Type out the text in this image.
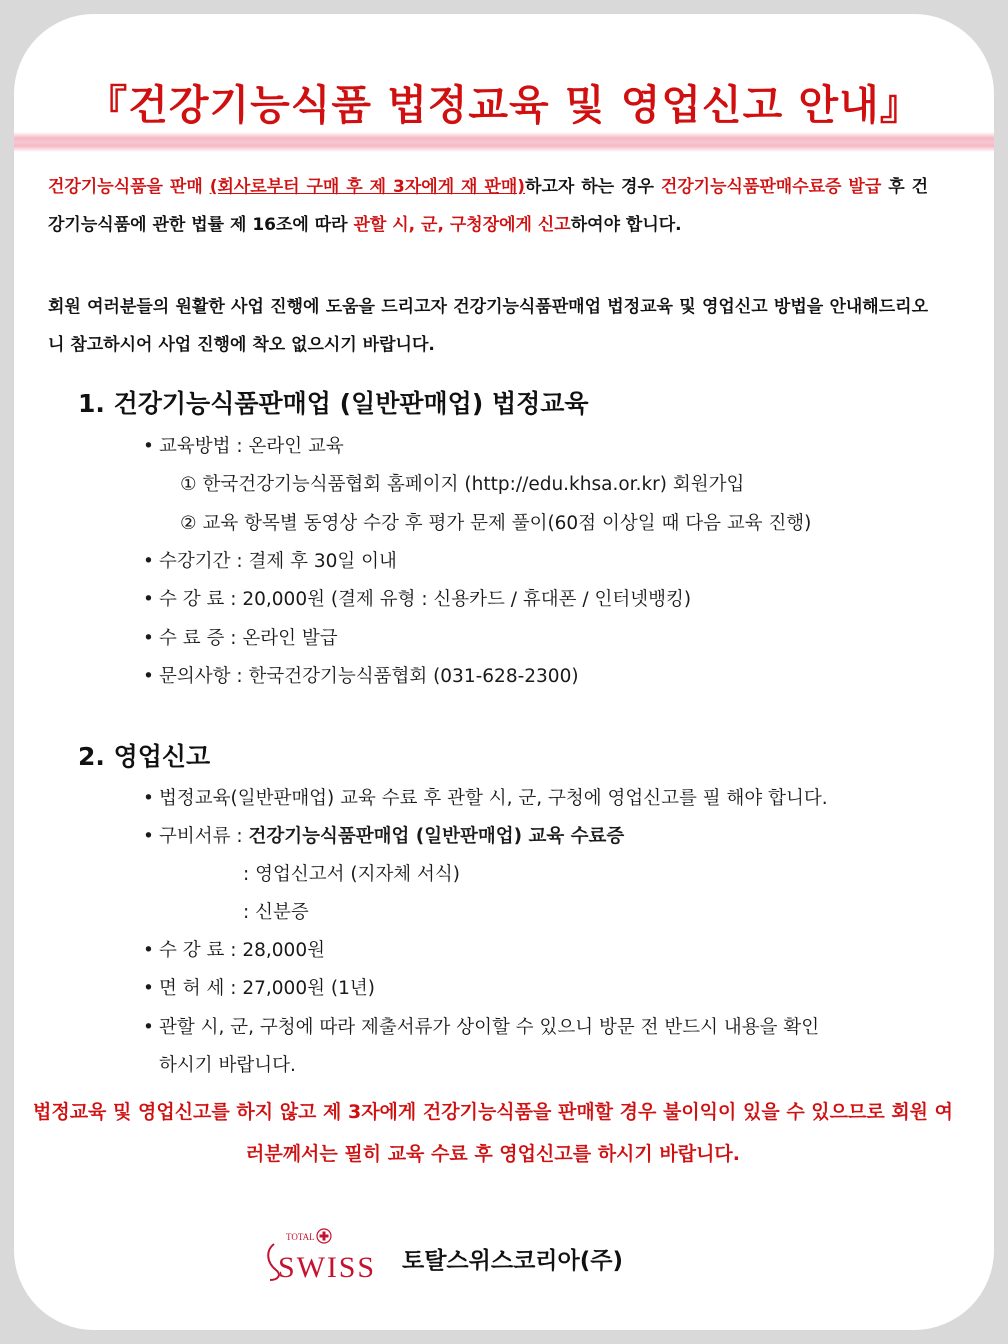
『건강기능식품 법정교육 및 영업신고 안내』
건강기능식품을 판매 (회사로부터 구매 후 제 3자에게 재 판매)하고자 하는 경우 건강기능식품판매수료증 발급 후 건강기능식품에 관한 법률 제 16조에 따라 관할 시, 군, 구청장에게 신고하여야 합니다.
회원 여러분들의 원활한 사업 진행에 도움을 드리고자 건강기능식품판매업 법정교육 및 영업신고 방법을 안내해드리오니 참고하시어 사업 진행에 착오 없으시기 바랍니다.
1. 건강기능식품판매업 (일반판매업) 법정교육
• 교육방법 : 온라인 교육
① 한국건강기능식품협회 홈페이지 (http://edu.khsa.or.kr) 회원가입
② 교육 항목별 동영상 수강 후 평가 문제 풀이(60점 이상일 때 다음 교육 진행)
• 수강기간 : 결제 후 30일 이내
• 수 강 료 : 20,000원 (결제 유형 : 신용카드 / 휴대폰 / 인터넷뱅킹)
• 수 료 증 : 온라인 발급
• 문의사항 : 한국건강기능식품협회 (031-628-2300)
2. 영업신고
• 법정교육(일반판매업) 교육 수료 후 관할 시, 군, 구청에 영업신고를 필 해야 합니다.
• 구비서류 : 건강기능식품판매업 (일반판매업) 교육 수료증
: 영업신고서 (지자체 서식)
: 신분증
• 수 강 료 : 28,000원
• 면 허 세 : 27,000원 (1년)
• 관할 시, 군, 구청에 따라 제출서류가 상이할 수 있으니 방문 전 반드시 내용을 확인
하시기 바랍니다.
법정교육 및 영업신고를 하지 않고 제 3자에게 건강기능식품을 판매할 경우 불이익이 있을 수 있으므로 회원 여러분께서는 필히 교육 수료 후 영업신고를 하시기 바랍니다.
TOTAL
SWISS 토탈스위스코리아(주)
